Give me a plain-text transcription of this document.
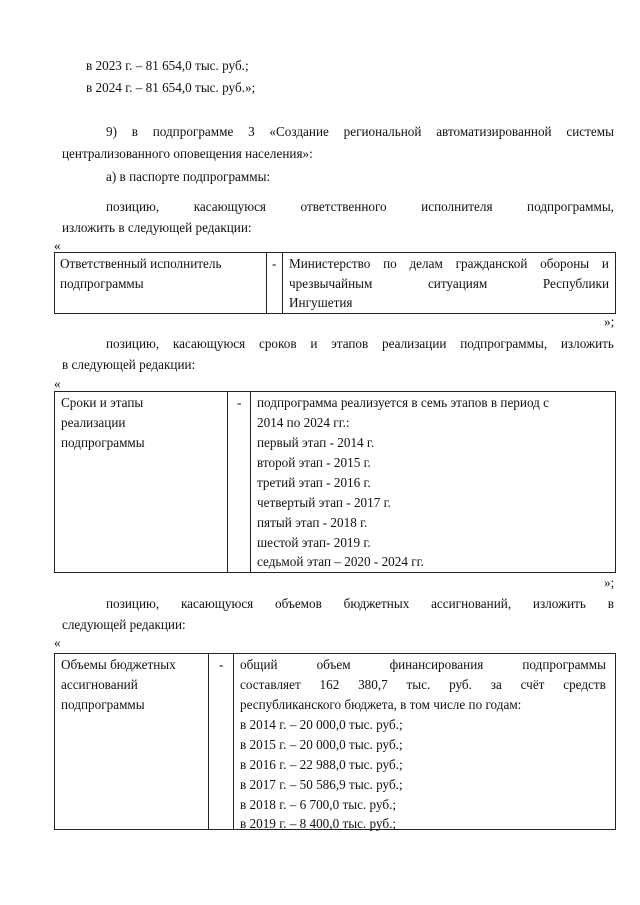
в 2023 г. – 81 654,0 тыс. руб.;
в 2024 г. – 81 654,0 тыс. руб.»;
9) в подпрограмме 3 «Создание региональной автоматизированной системы
централизованного оповещения населения»:
а) в паспорте подпрограммы:
позицию,	касающуюся	ответственного	исполнителя	подпрограммы,
изложить в следующей редакции:
«
Ответственный исполнитель
подпрограммы

-	Министерство по делам гражданской обороны и
чрезвычайным	ситуациям	Республики
Ингушетия
»;
позицию, касающуюся сроков и этапов реализации подпрограммы, изложить
в следующей редакции:
«
Сроки и этапы
реализации
подпрограммы

-	подпрограмма реализуется в семь этапов в период с
2014 по 2024 гг.:
первый этап - 2014 г.
второй этап - 2015 г.
третий этап - 2016 г.
четвертый этап - 2017 г.
пятый этап - 2018 г.
шестой этап- 2019 г.
седьмой этап – 2020 - 2024 гг.
»;
позицию, касающуюся объемов бюджетных ассигнований, изложить в
следующей редакции:
«
Объемы бюджетных
ассигнований
подпрограммы

-	общий	объем	финансирования	подпрограммы
составляет 162 380,7 тыс. руб. за счёт средств
республиканского бюджета, в том числе по годам:
в 2014 г. – 20 000,0 тыс. руб.;
в 2015 г. – 20 000,0 тыс. руб.;
в 2016 г. – 22 988,0 тыс. руб.;
в 2017 г. – 50 586,9 тыс. руб.;
в 2018 г. – 6 700,0 тыс. руб.;
в 2019 г. – 8 400,0 тыс. руб.;
